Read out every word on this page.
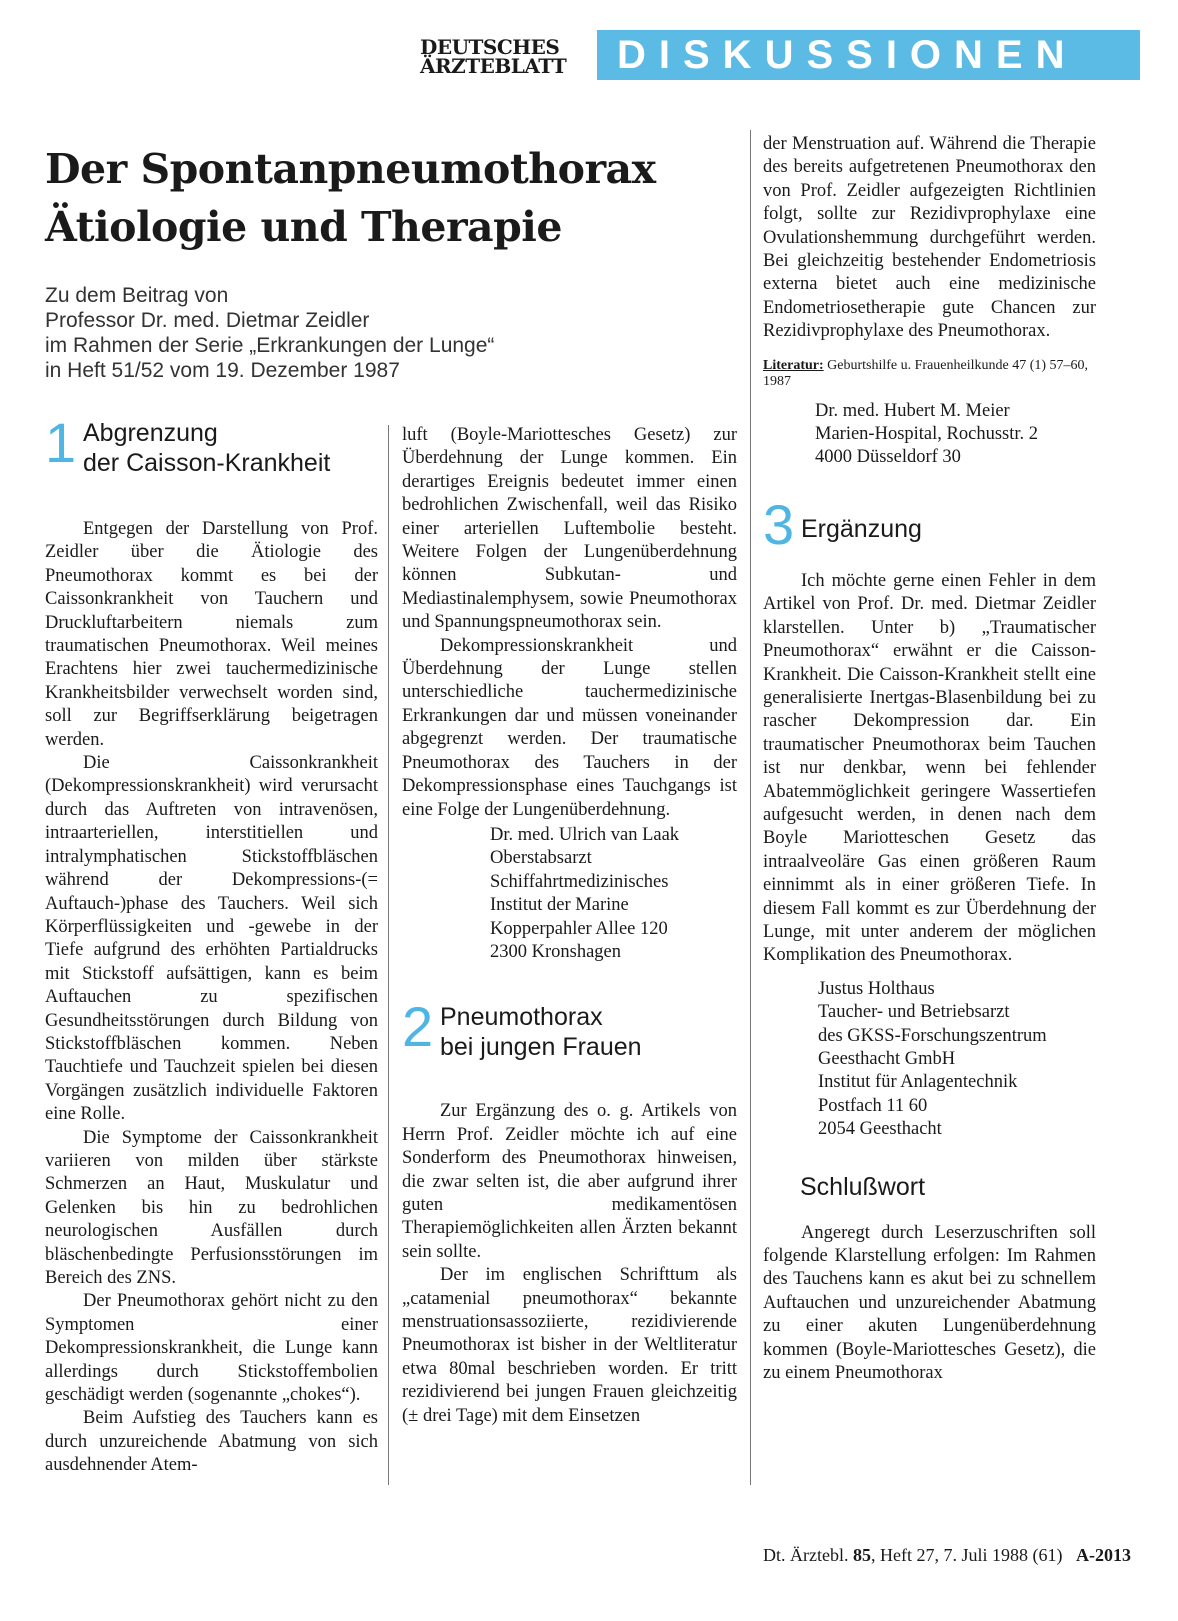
DEUTSCHES
ÄRZTEBLATT	DISKUSSIONEN
Der Spontanpneumothorax
Ätiologie und Therapie
Zu dem Beitrag von
Professor Dr. med. Dietmar Zeidler
im Rahmen der Serie „Erkrankungen der Lunge“
in Heft 51/52 vom 19. Dezember 1987
1 Abgrenzung
der Caisson-Krankheit

Entgegen der Darstellung von Prof. Zeidler über die Ätiologie des Pneumothorax kommt es bei der Caissonkrankheit von Tauchern und Druckluftarbeitern niemals zum traumatischen Pneumothorax. Weil meines Erachtens hier zwei tauchermedizinische Krankheitsbilder verwechselt worden sind, soll zur Begriffserklärung beigetragen werden.

Die Caissonkrankheit (Dekompressionskrankheit) wird verursacht durch das Auftreten von intravenösen, intraarteriellen, interstitiellen und intralymphatischen Stickstoffbläschen während der Dekompressions-(= Auftauch-)phase des Tauchers. Weil sich Körperflüssigkeiten und -gewebe in der Tiefe aufgrund des erhöhten Partialdrucks mit Stickstoff aufsättigen, kann es beim Auftauchen zu spezifischen Gesundheitsstörungen durch Bildung von Stickstoffbläschen kommen. Neben Tauchtiefe und Tauchzeit spielen bei diesen Vorgängen zusätzlich individuelle Faktoren eine Rolle.

Die Symptome der Caissonkrankheit variieren von milden über stärkste Schmerzen an Haut, Muskulatur und Gelenken bis hin zu bedrohlichen neurologischen Ausfällen durch bläschenbedingte Perfusionsstörungen im Bereich des ZNS.

Der Pneumothorax gehört nicht zu den Symptomen einer Dekompressionskrankheit, die Lunge kann allerdings durch Stickstoffembolien geschädigt werden (sogenannte „chokes“).

Beim Aufstieg des Tauchers kann es durch unzureichende Abatmung von sich ausdehnender Atem-

luft (Boyle-Mariottesches Gesetz) zur Überdehnung der Lunge kommen. Ein derartiges Ereignis bedeutet immer einen bedrohlichen Zwischenfall, weil das Risiko einer arteriellen Luftembolie besteht. Weitere Folgen der Lungenüberdehnung können Subkutan- und Mediastinalemphysem, sowie Pneumothorax und Spannungspneumothorax sein.

Dekompressionskrankheit und Überdehnung der Lunge stellen unterschiedliche tauchermedizinische Erkrankungen dar und müssen voneinander abgegrenzt werden. Der traumatische Pneumothorax des Tauchers in der Dekompressionsphase eines Tauchgangs ist eine Folge der Lungenüberdehnung.

Dr. med. Ulrich van Laak
Oberstabsarzt
Schiffahrtmedizinisches
Institut der Marine
Kopperpahler Allee 120
2300 Kronshagen
2 Pneumothorax
bei jungen Frauen

Zur Ergänzung des o. g. Artikels von Herrn Prof. Zeidler möchte ich auf eine Sonderform des Pneumothorax hinweisen, die zwar selten ist, die aber aufgrund ihrer guten medikamentösen Therapiemöglichkeiten allen Ärzten bekannt sein sollte.

Der im englischen Schrifttum als „catamenial pneumothorax“ bekannte menstruationsassoziierte, rezidivierende Pneumothorax ist bisher in der Weltliteratur etwa 80mal beschrieben worden. Er tritt rezidivierend bei jungen Frauen gleichzeitig (± drei Tage) mit dem Einsetzen

der Menstruation auf. Während die Therapie des bereits aufgetretenen Pneumothorax den von Prof. Zeidler aufgezeigten Richtlinien folgt, sollte zur Rezidivprophylaxe eine Ovulationshemmung durchgeführt werden. Bei gleichzeitig bestehender Endometriosis externa bietet auch eine medizinische Endometriosetherapie gute Chancen zur Rezidivprophylaxe des Pneumothorax.

Literatur: Geburtshilfe u. Frauenheilkunde 47 (1) 57–60, 1987
Dr. med. Hubert M. Meier
Marien-Hospital, Rochusstr. 2
4000 Düsseldorf 30
3 Ergänzung

Ich möchte gerne einen Fehler in dem Artikel von Prof. Dr. med. Dietmar Zeidler klarstellen. Unter b) „Traumatischer Pneumothorax“ erwähnt er die Caisson-Krankheit. Die Caisson-Krankheit stellt eine generalisierte Inertgas-Blasenbildung bei zu rascher Dekompression dar. Ein traumatischer Pneumothorax beim Tauchen ist nur denkbar, wenn bei fehlender Abatemmöglichkeit geringere Wassertiefen aufgesucht werden, in denen nach dem Boyle Mariotteschen Gesetz das intraalveoläre Gas einen größeren Raum einnimmt als in einer größeren Tiefe. In diesem Fall kommt es zur Überdehnung der Lunge, mit unter anderem der möglichen Komplikation des Pneumothorax.

Justus Holthaus
Taucher- und Betriebsarzt
des GKSS-Forschungszentrum
Geesthacht GmbH
Institut für Anlagentechnik
Postfach 11 60
2054 Geesthacht
Schlußwort

Angeregt durch Leserzuschriften soll folgende Klarstellung erfolgen: Im Rahmen des Tauchens kann es akut bei zu schnellem Auftauchen und unzureichender Abatmung zu einer akuten Lungenüberdehnung kommen (Boyle-Mariottesches Gesetz), die zu einem Pneumothorax

Dt. Ärztebl. 85, Heft 27, 7. Juli 1988 (61) A-2013
